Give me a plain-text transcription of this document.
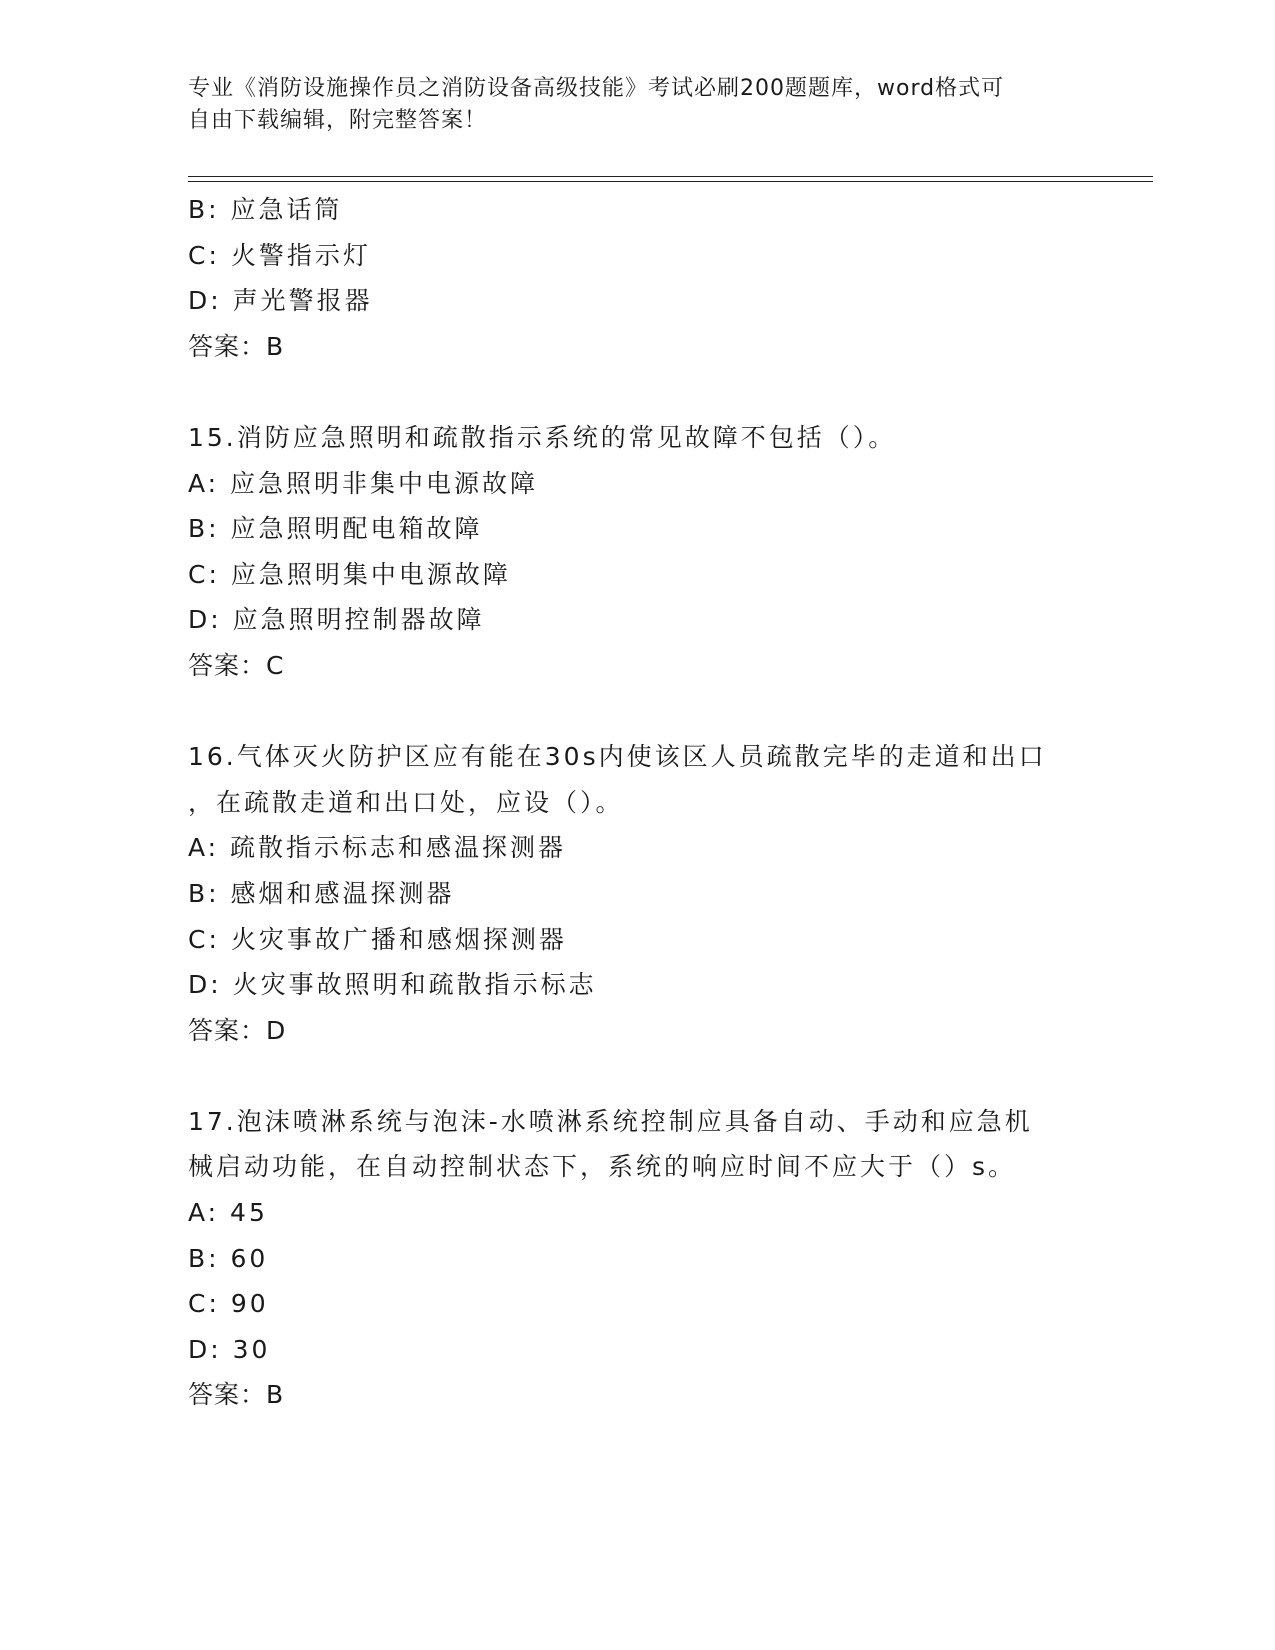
专业《消防设施操作员之消防设备高级技能》考试必刷200题题库，word格式可
自由下载编辑，附完整答案！
B: 应急话筒
C: 火警指示灯
D: 声光警报器
答案：B
15.消防应急照明和疏散指示系统的常见故障不包括（）。
A: 应急照明非集中电源故障
B: 应急照明配电箱故障
C: 应急照明集中电源故障
D: 应急照明控制器故障
答案：C
16.气体灭火防护区应有能在30s内使该区人员疏散完毕的走道和出口
，在疏散走道和出口处，应设（）。
A: 疏散指示标志和感温探测器
B: 感烟和感温探测器
C: 火灾事故广播和感烟探测器
D: 火灾事故照明和疏散指示标志
答案：D
17.泡沫喷淋系统与泡沫-水喷淋系统控制应具备自动、手动和应急机
械启动功能，在自动控制状态下，系统的响应时间不应大于（）s。
A: 45
B: 60
C: 90
D: 30
答案：B
